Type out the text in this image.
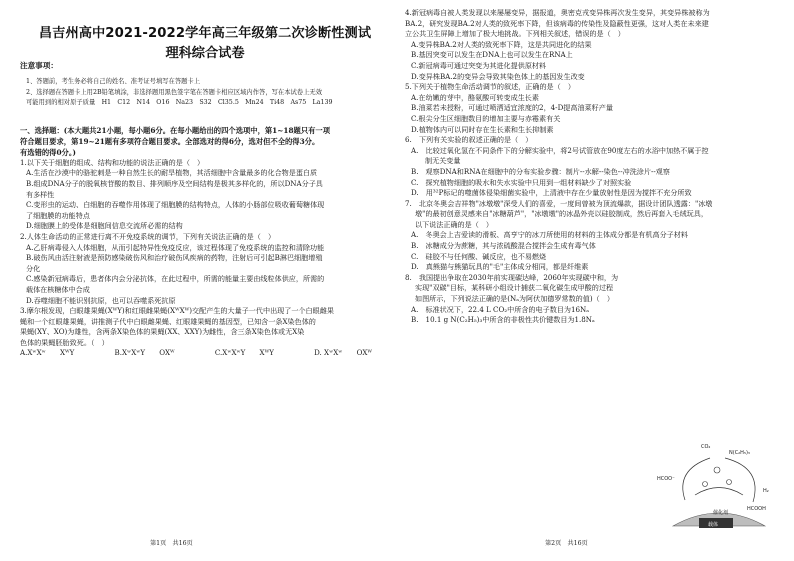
昌吉州高中2021-2022学年高三年级第二次诊断性测试
理科综合试卷
注意事项：
1、答题前，考生务必将自己的姓名、准考证号填写在答题卡上
2、选择题在答题卡上用2B铅笔填涂，非选择题用黑色签字笔在答题卡相应区域内作答，写在本试卷上无效
可能用到的相对原子质量　H1　C12　N14　O16　Na23　S32　Cl35.5　Mn24　Ti48　As75　La139
一、选择题：(本大题共21小题，每小题6分。在每小题给出的四个选项中，第1~18题只有一项
符合题目要求，第19~21题有多项符合题目要求。全部选对的得6分，选对但不全的得3分。
有选错的得0分。)
1.以下关于细胞的组成、结构和功能的说法正确的是（　）
A.生活在沙漠中的骆驼刺是一种自然生长的耐旱植物，其活细胞中含量最多的化合物是蛋白质
B.组成DNA分子的脱氧核苷酸的数目、排列顺序及空间结构是极其多样化的，所以DNA分子具
有多样性
C.变形虫的运动、白细胞的吞噬作用体现了细胞膜的结构特点，人体的小肠部位吸收葡萄糖体现
了细胞膜的功能特点
D.细胞膜上的受体是细胞间信息交流所必需的结构
2.人体生命活动的正常进行离不开免疫系统的调节，下列有关说法正确的是（　）
A.乙肝病毒侵入人体细胞，从而引起特异性免疫反应，该过程体现了免疫系统的监控和清除功能
B.破伤风由活注射液是预防感染破伤风和治疗破伤风疾病的药物，注射后可引起B淋巴细胞增殖
分化
C.感染新冠病毒后，患者体内会分泌抗体，在此过程中，所需的能量主要由线粒体供应，所需的
载体在核糖体中合成
D.吞噬细胞不能识别抗原，也可以吞噬系死抗原
3.摩尔根发现，白眼雄果蝇(XᵂY)和红眼雌果蝇(XᵂXᵂ)交配产生的大量子一代中出现了一个白眼雌果
蝇和一个红眼雄果蝇，讲推测子代中白眼雌果蝇、红眼雄果蝇的基因型，已知含一条X染色体的
果蝇(XY、XO)为雄性，含两条X染色体的果蝇(XX、XXY)为雌性，含三条X染色体或无X染
色体的果蝇胚胎致死。（　）
A.XʷXʷ　　XᵂY	B.XʷXʷY　　OXᵂ	C.XʷXʷY　　XᵂY	D. XʷXʷ　　OXᵂ
第1页　共16页
4.新冠病毒自被人类发现以来屡屡变异，据报道，奥密克戎变异株再次发生变异，其变异株被称为
BA.2，研究发现BA.2对人类的致死率下降，但该病毒的传染性及隐蔽性更强，这对人类在未来建
立公共卫生屏障上增加了极大地挑战。下列相关叙述，错误的是（　）
A.变异株BA.2对人类的致死率下降，这是共同进化的结果
B.基因突变可以发生在DNA上也可以发生在RNA上
C.新冠病毒可通过突变为其进化提供原材料
D.变异株BA.2的变异会导致其染色体上的基因发生改变
5.下列关于植物生命活动调节的叙述，正确的是（　）
A.在幼嫩的芽中，酪氨酸可转变成生长素
B.油菜若未授粉，可通过喷洒适宜浓度的2，4-D提高油菜籽产量
C.根尖分生区细胞数目的增加主要与赤霉素有关
D.植物体内可以同时存在生长素和生长抑制素
6.　下列有关实验的叙述正确的是（　）
A.　比较过氧化氢在不同条件下的分解实验中，将2号试管放在90度左右的水浴中加热不属于控
制无关变量
B.　观察DNA和RNA在细胞中的分布实验步骤：制片--水解--染色--冲洗涂片--观察
C.　探究植物细胞的吸水和失水实验中只用到一组材料缺少了对照实验
D.　用³²P标记的噬菌体侵染细菌实验中，上清液中存在少量放射性是因为搅拌不充分所致
7.　北京冬奥会吉祥物"冰墩墩"深受人们的喜爱，一度间曾被为顶流爆款，据设计团队透露："冰墩
墩"的最初创意灵感来自"冰糖葫芦"，"冰墩墩"的冰晶外壳以硅胶制成，然后再套入毛绒玩具，
以下说法正确的是（　）
A.　冬奥会上吉爱读的滑板、高亨宁的冰刀所使用的材料的主体成分都是有机高分子材料
B.　冰糖成分为蔗糖，其与浓硫酸混合搅拌会生成有毒气体
C.　硅胶不与任何酸、碱反应，也不易燃烧
D.　真熊猫与熊猫玩具的"毛"主体成分相同，都是纤维素
8.　我国提出争取在2030年前实现碳达峰，2060年实现碳中和，为
实现"双碳"目标，某科研小组设计捕获二氧化碳生成甲酸的过程
如图所示，下列说法正确的是(Nₐ为阿伏加德罗常数的值)（　）
A.　标准状况下，22.4 L CO₂中所含的电子数目为16Nₐ
B.　10.1 g N(C₂H₅)₃中所含的非极性共价键数目为1.8Nₐ
载体
催化剂
CO₂
N(C₂H₅)₃
H₂
HCOO⁻
HCOOH
第2页　共16页
